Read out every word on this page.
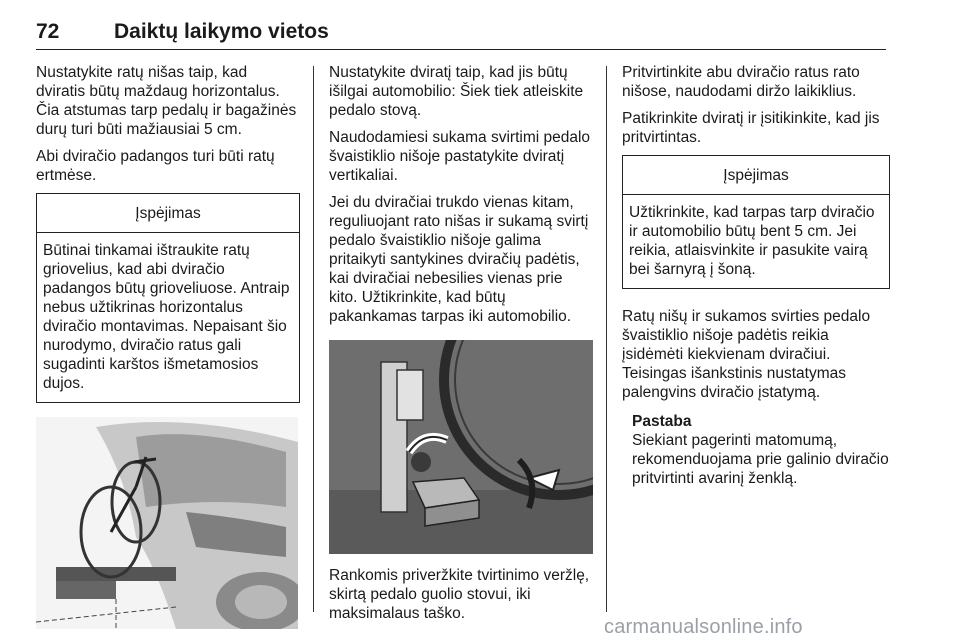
72	Daiktų laikymo vietos

Nustatykite ratų nišas taip, kad dviratis būtų maždaug horizontalus. Čia atstumas tarp pedalų ir bagažinės durų turi būti mažiausiai 5 cm.

Abi dviračio padangos turi būti ratų ertmėse.

Įspėjimas
Būtinai tinkamai ištraukite ratų griovelius, kad abi dviračio padangos būtų grioveliuose. Antraip nebus užtikrinas horizontalus dviračio montavimas. Nepaisant šio nurodymo, dviračio ratus gali sugadinti karštos išmetamosios dujos.

Nustatykite dviratį taip, kad jis būtų išilgai automobilio: Šiek tiek atleiskite pedalo stovą.

Naudodamiesi sukama svirtimi pedalo švaistiklio nišoje pastatykite dviratį vertikaliai.

Jei du dviračiai trukdo vienas kitam, reguliuojant rato nišas ir sukamą svirtį pedalo švaistiklio nišoje galima pritaikyti santykines dviračių padėtis, kai dviračiai nebesilies vienas prie kito. Užtikrinkite, kad būtų pakankamas tarpas iki automobilio.

Rankomis priveržkite tvirtinimo veržlę, skirtą pedalo guolio stovui, iki maksimalaus taško.

Pritvirtinkite abu dviračio ratus rato nišose, naudodami diržo laikiklius.

Patikrinkite dviratį ir įsitikinkite, kad jis pritvirtintas.

Įspėjimas
Užtikrinkite, kad tarpas tarp dviračio ir automobilio būtų bent 5 cm. Jei reikia, atlaisvinkite ir pasukite vairą bei šarnyrą į šoną.

Ratų nišų ir sukamos svirties pedalo švaistiklio nišoje padėtis reikia įsidėmėti kiekvienam dviračiui. Teisingas išankstinis nustatymas palengvins dviračio įstatymą.

Pastaba
Siekiant pagerinti matomumą, rekomenduojama prie galinio dviračio pritvirtinti avarinį ženklą.
carmanualsonline.info
